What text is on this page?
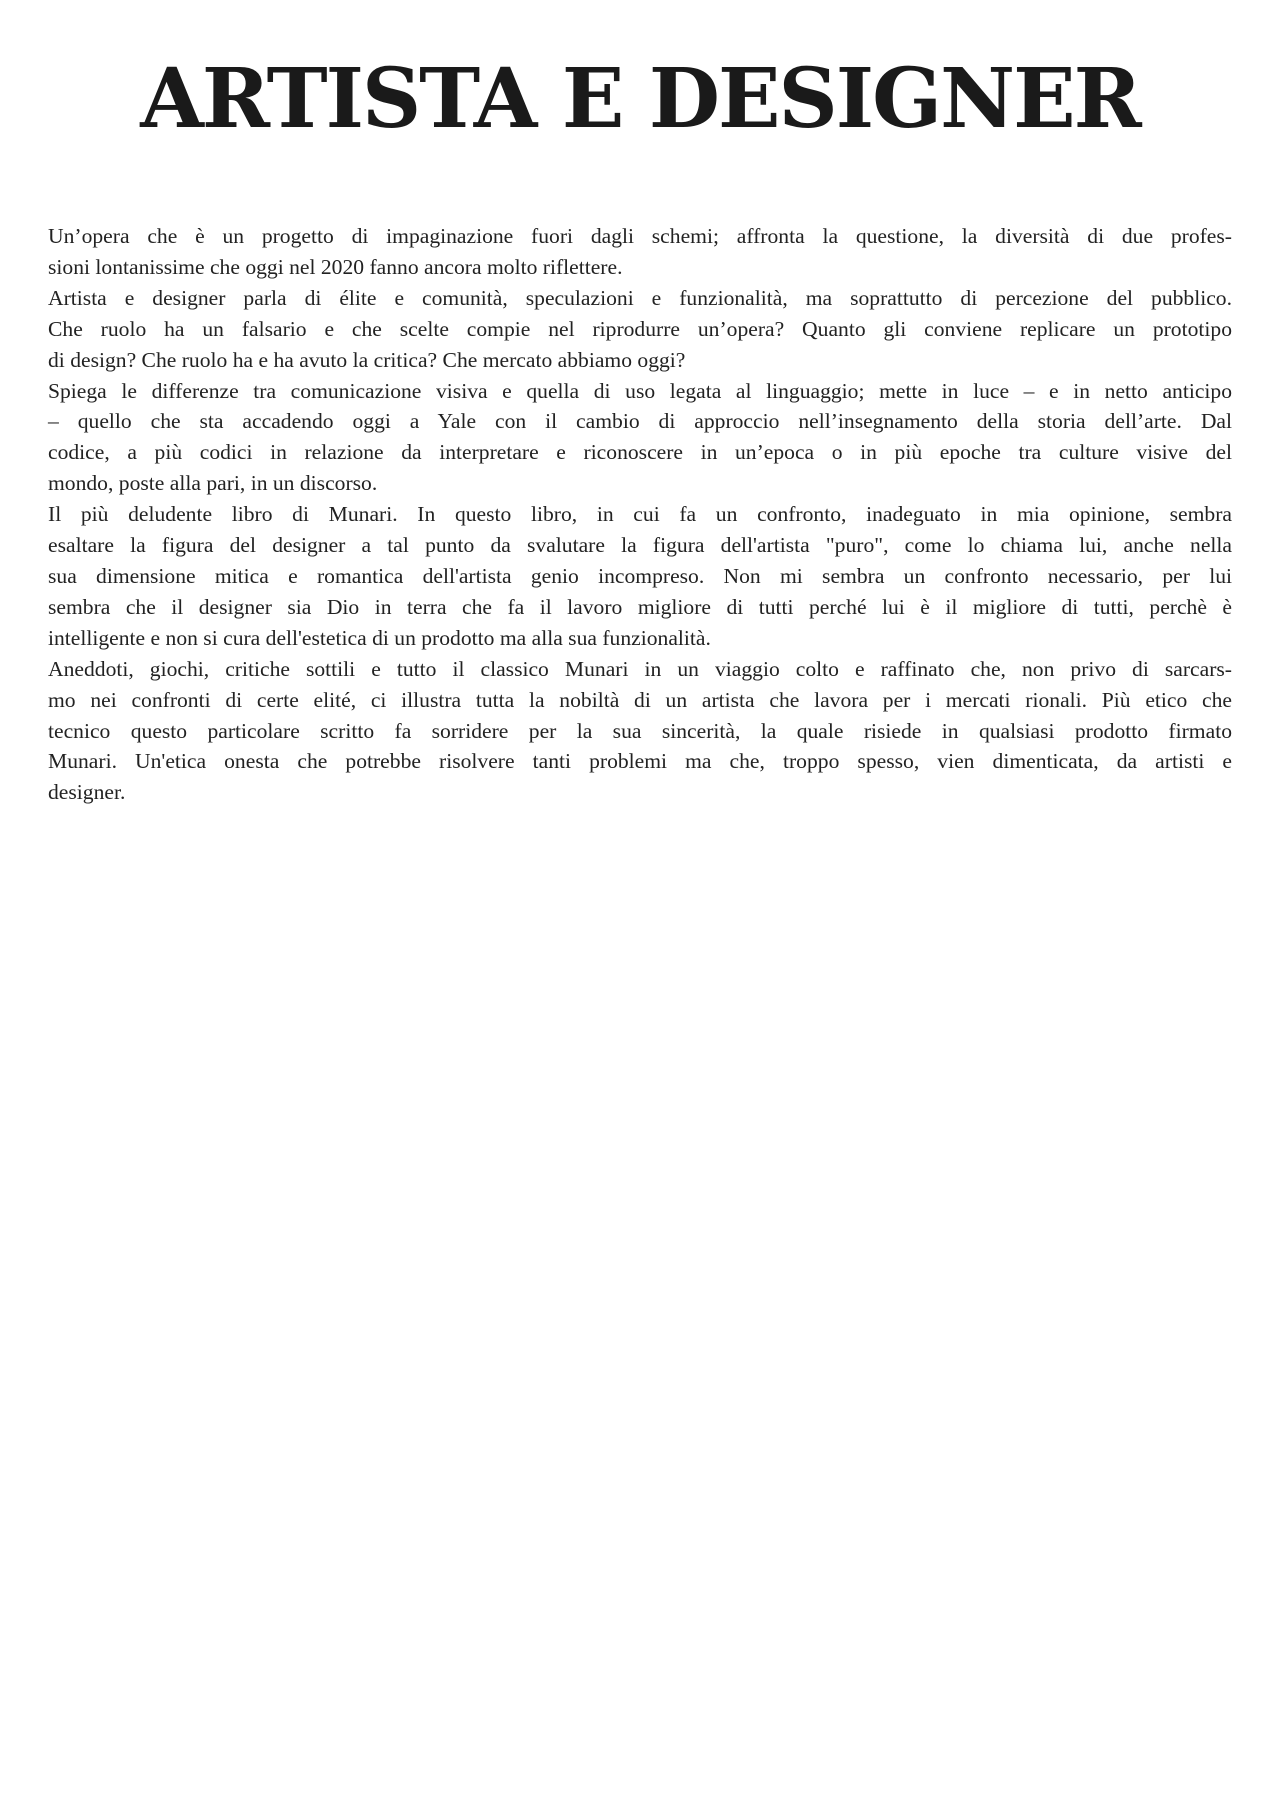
ARTISTA E DESIGNER
Un’opera che è un progetto di impaginazione fuori dagli schemi; affronta la questione, la diversità di due profes-
sioni lontanissime che oggi nel 2020 fanno ancora molto riflettere.
Artista e designer parla di élite e comunità, speculazioni e funzionalità, ma soprattutto di percezione del pubblico.
Che ruolo ha un falsario e che scelte compie nel riprodurre un’opera? Quanto gli conviene replicare un prototipo
di design? Che ruolo ha e ha avuto la critica? Che mercato abbiamo oggi?
Spiega le differenze tra comunicazione visiva e quella di uso legata al linguaggio; mette in luce – e in netto anticipo
– quello che sta accadendo oggi a Yale con il cambio di approccio nell’insegnamento della storia dell’arte. Dal
codice, a più codici in relazione da interpretare e riconoscere in un’epoca o in più epoche tra culture visive del
mondo, poste alla pari, in un discorso.
Il più deludente libro di Munari. In questo libro, in cui fa un confronto, inadeguato in mia opinione, sembra
esaltare la figura del designer a tal punto da svalutare la figura dell'artista "puro", come lo chiama lui, anche nella
sua dimensione mitica e romantica dell'artista genio incompreso. Non mi sembra un confronto necessario, per lui
sembra che il designer sia Dio in terra che fa il lavoro migliore di tutti perché lui è il migliore di tutti, perchè è
intelligente e non si cura dell'estetica di un prodotto ma alla sua funzionalità.
Aneddoti, giochi, critiche sottili e tutto il classico Munari in un viaggio colto e raffinato che, non privo di sarcars-
mo nei confronti di certe elité, ci illustra tutta la nobiltà di un artista che lavora per i mercati rionali. Più etico che
tecnico questo particolare scritto fa sorridere per la sua sincerità, la quale risiede in qualsiasi prodotto firmato
Munari. Un'etica onesta che potrebbe risolvere tanti problemi ma che, troppo spesso, vien dimenticata, da artisti e
designer.
